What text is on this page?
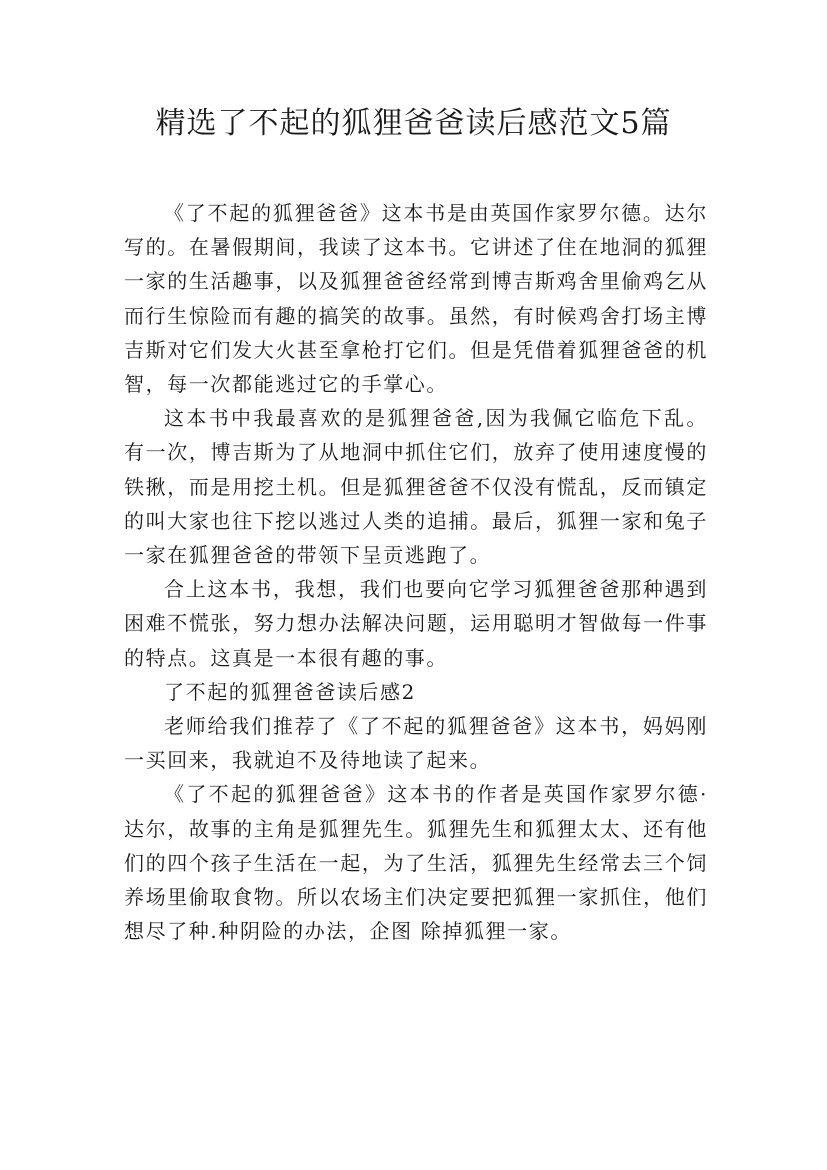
精选了不起的狐狸爸爸读后感范文5篇

《了不起的狐狸爸爸》这本书是由英国作家罗尔德。达尔写的。在暑假期间，我读了这本书。它讲述了住在地洞的狐狸一家的生活趣事，以及狐狸爸爸经常到博吉斯鸡舍里偷鸡乞从而行生惊险而有趣的搞笑的故事。虽然，有时候鸡舍打场主博吉斯对它们发大火甚至拿枪打它们。但是凭借着狐狸爸爸的机智，每一次都能逃过它的手掌心。

这本书中我最喜欢的是狐狸爸爸,因为我佩它临危下乱。有一次，博吉斯为了从地洞中抓住它们，放弃了使用速度慢的铁揪，而是用挖土机。但是狐狸爸爸不仅没有慌乱，反而镇定的叫大家也往下挖以逃过人类的追捕。最后，狐狸一家和兔子一家在狐狸爸爸的带领下呈贡逃跑了。

合上这本书，我想，我们也要向它学习狐狸爸爸那种遇到困难不慌张，努力想办法解决问题，运用聪明才智做每一件事的特点。这真是一本很有趣的事。

了不起的狐狸爸爸读后感2

老师给我们推荐了《了不起的狐狸爸爸》这本书，妈妈刚一买回来，我就迫不及待地读了起来。

《了不起的狐狸爸爸》这本书的作者是英国作家罗尔德·达尔，故事的主角是狐狸先生。狐狸先生和狐狸太太、还有他们的四个孩子生活在一起，为了生活，狐狸先生经常去三个饲养场里偷取食物。所以农场主们决定要把狐狸一家抓住，他们想尽了种.种阴险的办法，企图 除掉狐狸一家。
